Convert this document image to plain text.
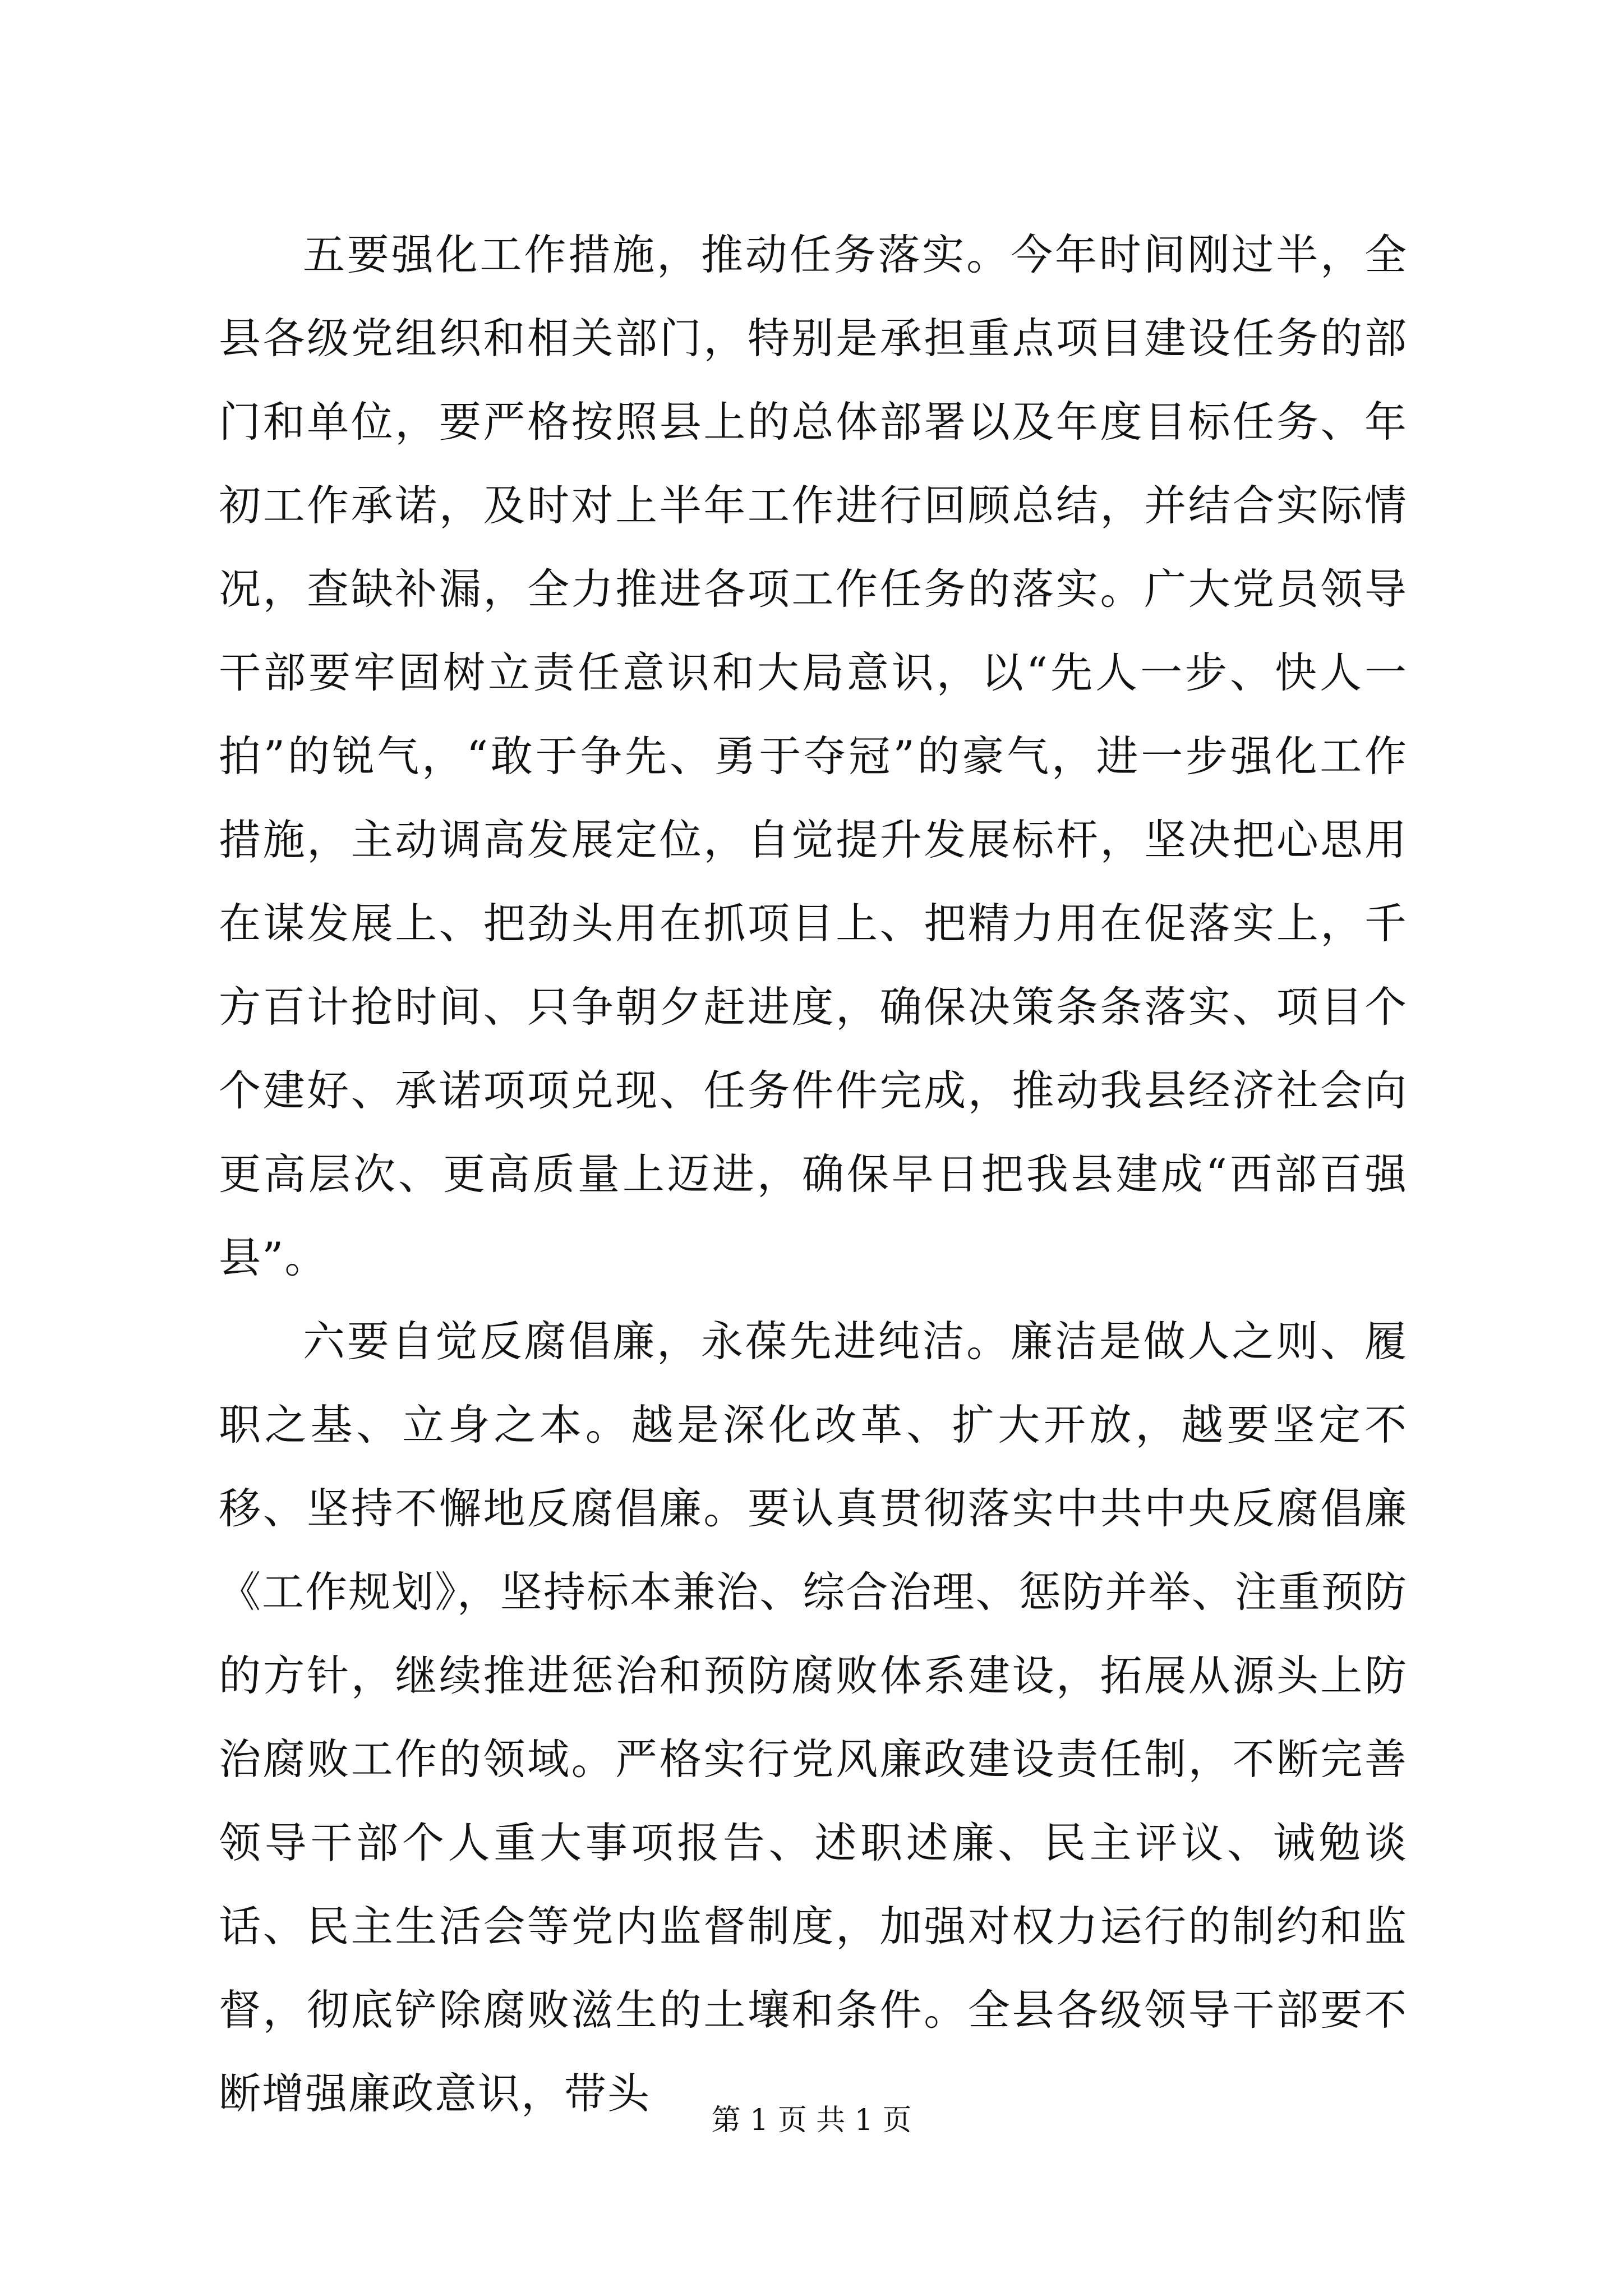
五要强化工作措施，推动任务落实。今年时间刚过半，全县各级党组织和相关部门，特别是承担重点项目建设任务的部门和单位，要严格按照县上的总体部署以及年度目标任务、年初工作承诺，及时对上半年工作进行回顾总结，并结合实际情况，查缺补漏，全力推进各项工作任务的落实。广大党员领导干部要牢固树立责任意识和大局意识，以“先人一步、快人一拍”的锐气，“敢于争先、勇于夺冠”的豪气，进一步强化工作措施，主动调高发展定位，自觉提升发展标杆，坚决把心思用在谋发展上、把劲头用在抓项目上、把精力用在促落实上，千方百计抢时间、只争朝夕赶进度，确保决策条条落实、项目个个建好、承诺项项兑现、任务件件完成，推动我县经济社会向更高层次、更高质量上迈进，确保早日把我县建成“西部百强县”。

六要自觉反腐倡廉，永葆先进纯洁。廉洁是做人之则、履职之基、立身之本。越是深化改革、扩大开放，越要坚定不移、坚持不懈地反腐倡廉。要认真贯彻落实中共中央反腐倡廉《工作规划》，坚持标本兼治、综合治理、惩防并举、注重预防的方针，继续推进惩治和预防腐败体系建设，拓展从源头上防治腐败工作的领域。严格实行党风廉政建设责任制，不断完善领导干部个人重大事项报告、述职述廉、民主评议、诫勉谈话、民主生活会等党内监督制度，加强对权力运行的制约和监督，彻底铲除腐败滋生的土壤和条件。全县各级领导干部要不断增强廉政意识，带头

第 1 页 共 1 页
